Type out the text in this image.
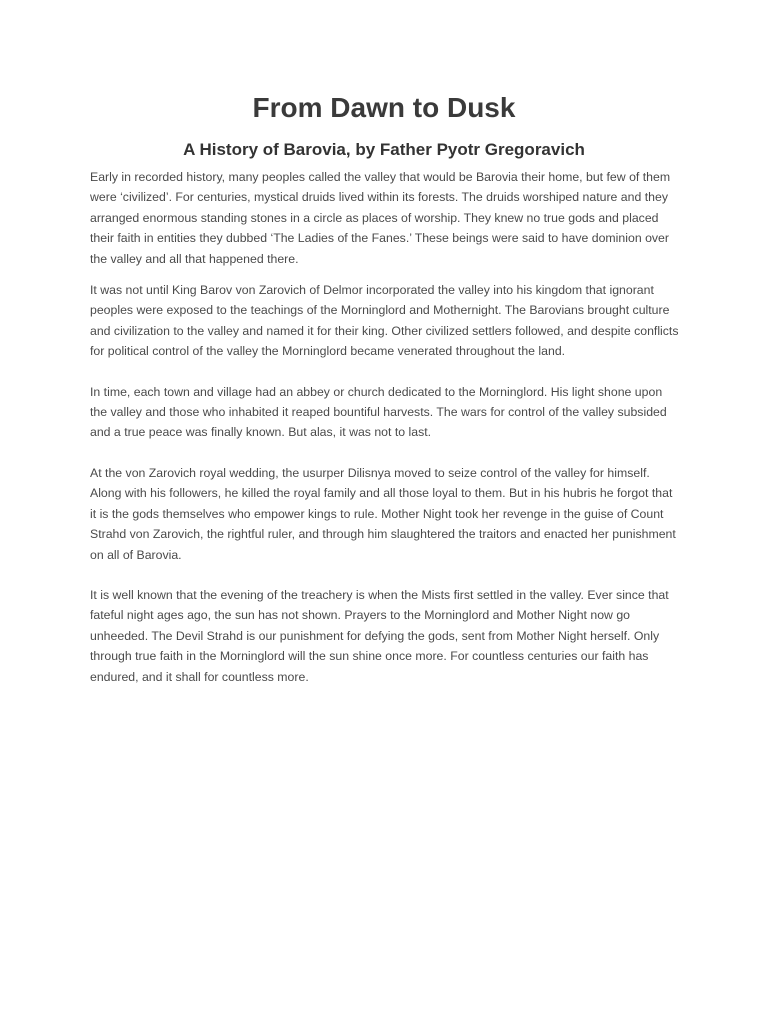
From Dawn to Dusk
A History of Barovia, by Father Pyotr Gregoravich

Early in recorded history, many peoples called the valley that would be Barovia their home, but few of them were ‘civilized’. For centuries, mystical druids lived within its forests. The druids worshiped nature and they arranged enormous standing stones in a circle as places of worship. They knew no true gods and placed their faith in entities they dubbed ‘The Ladies of the Fanes.’ These beings were said to have dominion over the valley and all that happened there.

It was not until King Barov von Zarovich of Delmor incorporated the valley into his kingdom that ignorant peoples were exposed to the teachings of the Morninglord and Mothernight. The Barovians brought culture and civilization to the valley and named it for their king. Other civilized settlers followed, and despite conflicts for political control of the valley the Morninglord became venerated throughout the land.

In time, each town and village had an abbey or church dedicated to the Morninglord. His light shone upon the valley and those who inhabited it reaped bountiful harvests. The wars for control of the valley subsided and a true peace was finally known. But alas, it was not to last.

At the von Zarovich royal wedding, the usurper Dilisnya moved to seize control of the valley for himself. Along with his followers, he killed the royal family and all those loyal to them. But in his hubris he forgot that it is the gods themselves who empower kings to rule. Mother Night took her revenge in the guise of Count Strahd von Zarovich, the rightful ruler, and through him slaughtered the traitors and enacted her punishment on all of Barovia.

It is well known that the evening of the treachery is when the Mists first settled in the valley. Ever since that fateful night ages ago, the sun has not shown. Prayers to the Morninglord and Mother Night now go unheeded. The Devil Strahd is our punishment for defying the gods, sent from Mother Night herself. Only through true faith in the Morninglord will the sun shine once more. For countless centuries our faith has endured, and it shall for countless more.
